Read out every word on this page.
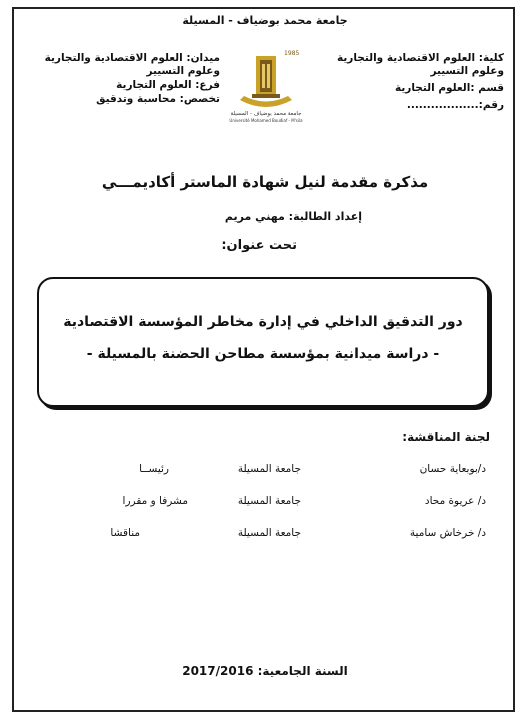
جامعة محمد بوضياف - المسيلة
كلية: العلوم الاقتصادية والتجارية وعلوم التسيير
قسم :العلوم التجارية
رقم:..................
ميدان: العلوم الاقتصادية والتجارية وعلوم التسيير
فرع: العلوم التجارية
تخصص: محاسبة وتدقيق
1985
جامعة محمد بوضياف - المسيلة
Université Mohamed Boudiaf - M'sila
مذكرة مقدمة لنيل شهادة الماستر أكاديمـــي
إعداد الطالبة: مهني مريم
تحت عنوان:
دور التدقيق الداخلي في إدارة مخاطر المؤسسة الاقتصادية
- دراسة ميدانية بمؤسسة مطاحن الحضنة بالمسيلة -
لجنة المناقشة:
د/بوبعاية حسان
جامعة المسيلة
رئيســا
د/ عريوة محاد
جامعة المسيلة
مشرفا و مقررا
د/ خرخاش سامية
جامعة المسيلة
مناقشا
السنة الجامعية: 2017/2016
